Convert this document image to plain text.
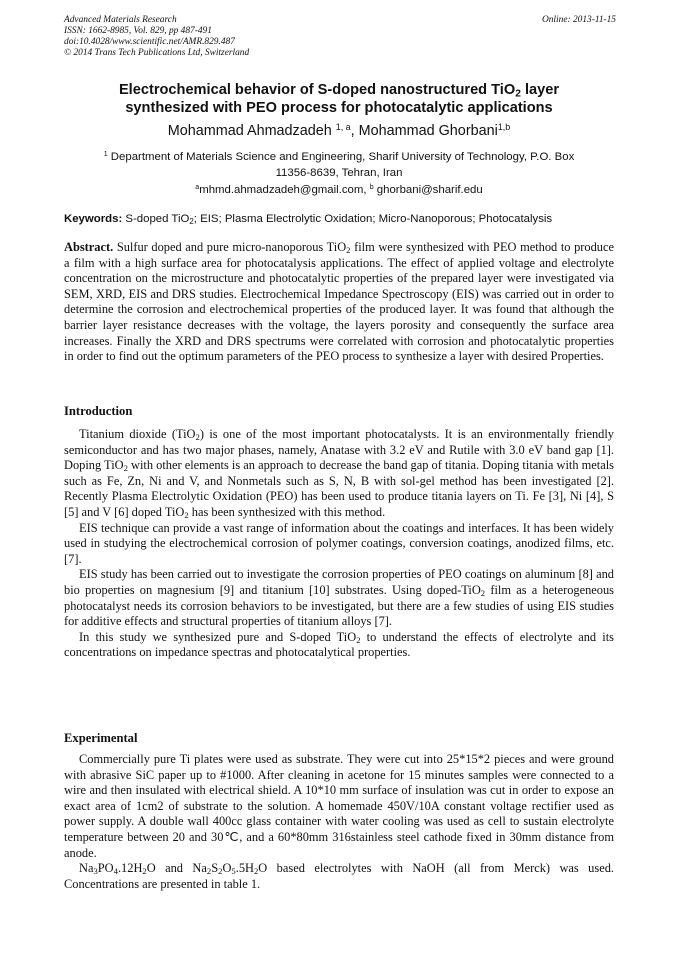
Advanced Materials Research
ISSN: 1662-8985, Vol. 829, pp 487-491
doi:10.4028/www.scientific.net/AMR.829.487
© 2014 Trans Tech Publications Ltd, Switzerland
Online: 2013-11-15
Electrochemical behavior of S-doped nanostructured TiO$_2$ layer
synthesized with PEO process for photocatalytic applications
Mohammad Ahmadzadeh $^{1, a}$, Mohammad Ghorbani$^{1,b}$
$^1$ Department of Materials Science and Engineering, Sharif University of Technology, P.O. Box
11356-8639, Tehran, Iran
$^a$mhmd.ahmadzadeh@gmail.com, $^b$ ghorbani@sharif.edu
Keywords: S-doped TiO$_2$; EIS; Plasma Electrolytic Oxidation; Micro-Nanoporous; Photocatalysis
Abstract. Sulfur doped and pure micro-nanoporous TiO$_2$ film were synthesized with PEO method to produce a film with a high surface area for photocatalysis applications. The effect of applied voltage and electrolyte concentration on the microstructure and photocatalytic properties of the prepared layer were investigated via SEM, XRD, EIS and DRS studies. Electrochemical Impedance Spectroscopy (EIS) was carried out in order to determine the corrosion and electrochemical properties of the produced layer. It was found that although the barrier layer resistance decreases with the voltage, the layers porosity and consequently the surface area increases. Finally the XRD and DRS spectrums were correlated with corrosion and photocatalytic properties in order to find out the optimum parameters of the PEO process to synthesize a layer with desired Properties.
Introduction

Titanium dioxide (TiO$_2$) is one of the most important photocatalysts. It is an environmentally friendly semiconductor and has two major phases, namely, Anatase with 3.2 eV and Rutile with 3.0 eV band gap [1]. Doping TiO$_2$ with other elements is an approach to decrease the band gap of titania. Doping titania with metals such as Fe, Zn, Ni and V, and Nonmetals such as S, N, B with sol-gel method has been investigated [2]. Recently Plasma Electrolytic Oxidation (PEO) has been used to produce titania layers on Ti. Fe [3], Ni [4], S [5] and V [6] doped TiO$_2$ has been synthesized with this method.

EIS technique can provide a vast range of information about the coatings and interfaces. It has been widely used in studying the electrochemical corrosion of polymer coatings, conversion coatings, anodized films, etc. [7].

EIS study has been carried out to investigate the corrosion properties of PEO coatings on aluminum [8] and bio properties on magnesium [9] and titanium [10] substrates. Using doped-TiO$_2$ film as a heterogeneous photocatalyst needs its corrosion behaviors to be investigated, but there are a few studies of using EIS studies for additive effects and structural properties of titanium alloys [7].

In this study we synthesized pure and S-doped TiO$_2$ to understand the effects of electrolyte and its concentrations on impedance spectras and photocatalytical properties.

Experimental

Commercially pure Ti plates were used as substrate. They were cut into 25*15*2 pieces and were ground with abrasive SiC paper up to #1000. After cleaning in acetone for 15 minutes samples were connected to a wire and then insulated with electrical shield. A 10*10 mm surface of insulation was cut in order to expose an exact area of 1cm2 of substrate to the solution. A homemade 450V/10A constant voltage rectifier used as power supply. A double wall 400cc glass container with water cooling was used as cell to sustain electrolyte temperature between 20 and 30℃, and a 60*80mm 316stainless steel cathode fixed in 30mm distance from anode.

$Na_3PO_4.12H_2O$ and $Na_2S_2O_5.5H_2O$ based electrolytes with NaOH (all from Merck) was used. Concentrations are presented in table 1.
